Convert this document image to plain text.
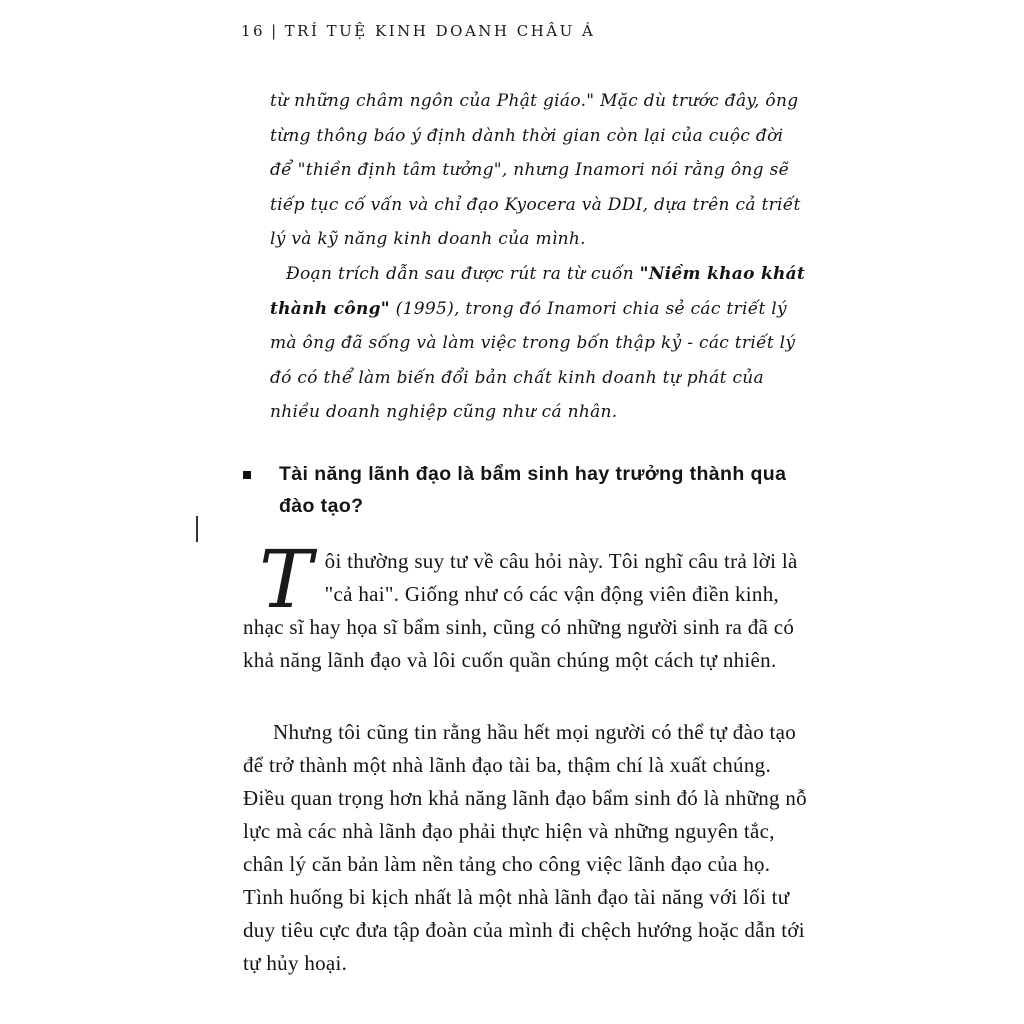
16 | TRÍ TUỆ KINH DOANH CHÂU Á

từ những châm ngôn của Phật giáo." Mặc dù trước đây, ông từng thông báo ý định dành thời gian còn lại của cuộc đời để "thiền định tâm tưởng", nhưng Inamori nói rằng ông sẽ tiếp tục cố vấn và chỉ đạo Kyocera và DDI, dựa trên cả triết lý và kỹ năng kinh doanh của mình.

Đoạn trích dẫn sau được rút ra từ cuốn "Niềm khao khát thành công" (1995), trong đó Inamori chia sẻ các triết lý mà ông đã sống và làm việc trong bốn thập kỷ - các triết lý đó có thể làm biến đổi bản chất kinh doanh tự phát của nhiều doanh nghiệp cũng như cá nhân.

Tài năng lãnh đạo là bẩm sinh hay trưởng thành qua đào tạo?

Tôi thường suy tư về câu hỏi này. Tôi nghĩ câu trả lời là "cả hai". Giống như có các vận động viên điền kinh, nhạc sĩ hay họa sĩ bẩm sinh, cũng có những người sinh ra đã có khả năng lãnh đạo và lôi cuốn quần chúng một cách tự nhiên.

Nhưng tôi cũng tin rằng hầu hết mọi người có thể tự đào tạo để trở thành một nhà lãnh đạo tài ba, thậm chí là xuất chúng. Điều quan trọng hơn khả năng lãnh đạo bẩm sinh đó là những nỗ lực mà các nhà lãnh đạo phải thực hiện và những nguyên tắc, chân lý căn bản làm nền tảng cho công việc lãnh đạo của họ. Tình huống bi kịch nhất là một nhà lãnh đạo tài năng với lối tư duy tiêu cực đưa tập đoàn của mình đi chệch hướng hoặc dẫn tới tự hủy hoại.
